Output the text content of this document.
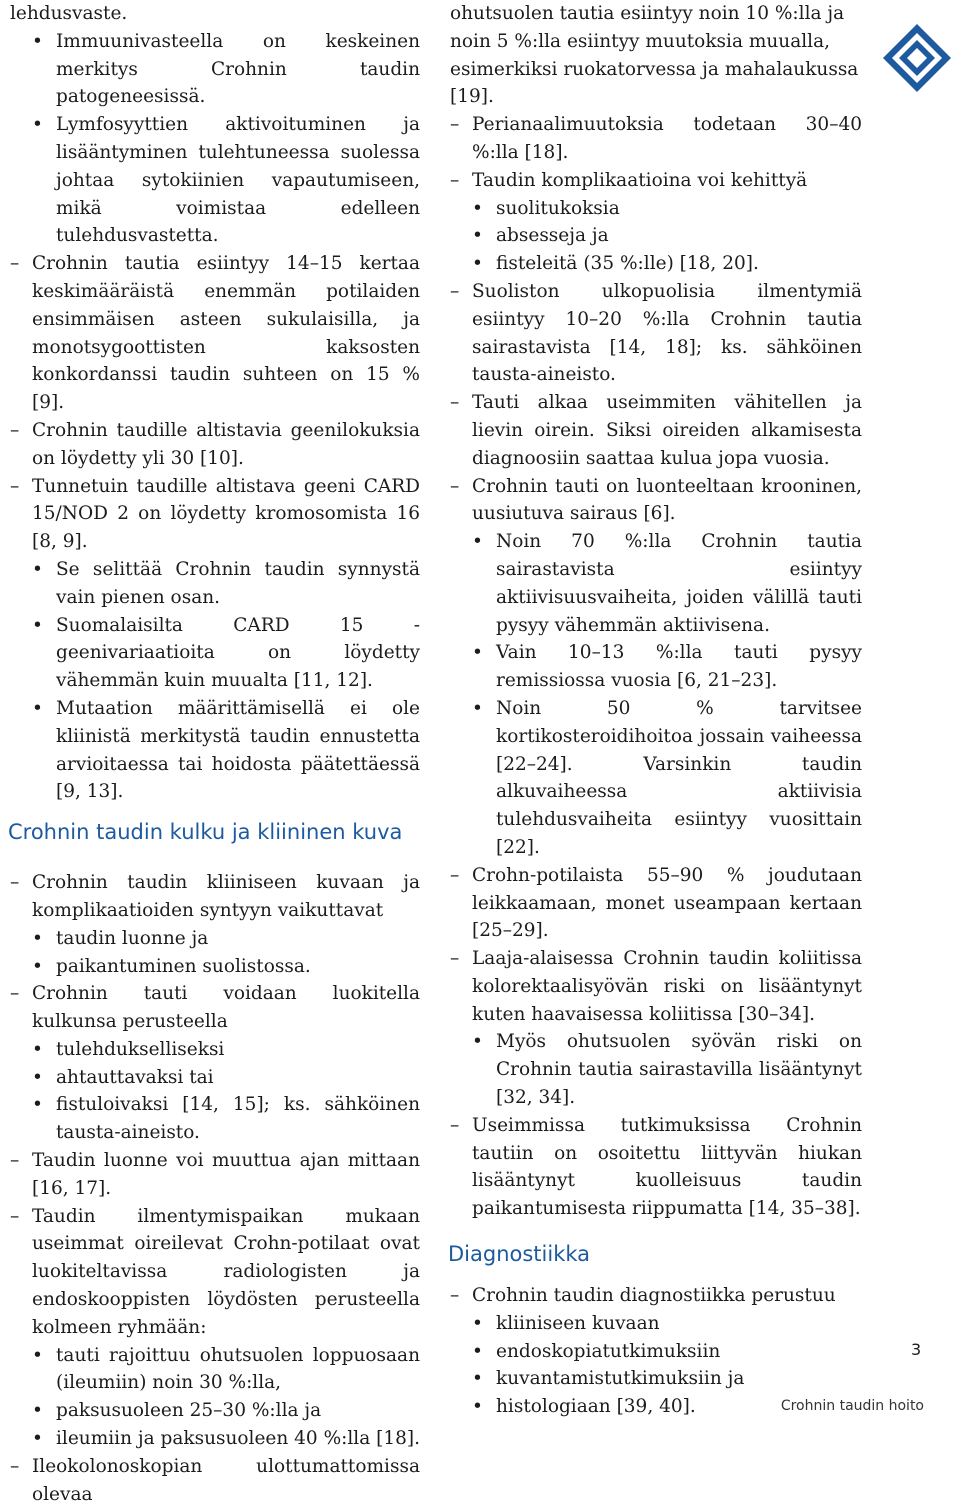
lehdusvaste.
• Immuunivasteella on keskeinen merkitys Crohnin taudin patogeneesissä.
• Lymfosyyttien aktivoituminen ja lisääntyminen tulehtuneessa suolessa johtaa sytokiinien vapautumiseen, mikä voimistaa edelleen tulehdusvastetta.
– Crohnin tautia esiintyy 14–15 kertaa keskimääräistä enemmän potilaiden ensimmäisen asteen sukulaisilla, ja monotsygoottisten kaksosten konkordanssi taudin suhteen on 15 % [9].
– Crohnin taudille altistavia geenilokuksia on löydetty yli 30 [10].
– Tunnetuin taudille altistava geeni CARD 15/NOD 2 on löydetty kromosomista 16 [8, 9].
• Se selittää Crohnin taudin synnystä vain pienen osan.
• Suomalaisilta CARD 15 -geenivariaatioita on löydetty vähemmän kuin muualta [11, 12].
• Mutaation määrittämisellä ei ole kliinistä merkitystä taudin ennustetta arvioitaessa tai hoidosta päätettäessä [9, 13].
Crohnin taudin kulku ja kliininen kuva
– Crohnin taudin kliiniseen kuvaan ja komplikaatioiden syntyyn vaikuttavat
• taudin luonne ja
• paikantuminen suolistossa.
– Crohnin tauti voidaan luokitella kulkunsa perusteella
• tulehdukselliseksi
• ahtauttavaksi tai
• fistuloivaksi [14, 15]; ks. sähköinen tausta-aineisto.
– Taudin luonne voi muuttua ajan mittaan [16, 17].
– Taudin ilmentymispaikan mukaan useimmat oireilevat Crohn-potilaat ovat luokiteltavissa radiologisten ja endoskooppisten löydösten perusteella kolmeen ryhmään:
• tauti rajoittuu ohutsuolen loppuosaan (ileumiin) noin 30 %:lla,
• paksusuoleen 25–30 %:lla ja
• ileumiin ja paksusuoleen 40 %:lla [18].
– Ileokolonoskopian ulottumattomissa olevaa
ohutsuolen tautia esiintyy noin 10 %:lla ja noin 5 %:lla esiintyy muutoksia muualla, esimerkiksi ruokatorvessa ja mahalaukussa [19].
– Perianaalimuutoksia todetaan 30–40 %:lla [18].
– Taudin komplikaatioina voi kehittyä
• suolitukoksia
• absesseja ja
• fisteleitä (35 %:lle) [18, 20].
– Suoliston ulkopuolisia ilmentymiä esiintyy 10–20 %:lla Crohnin tautia sairastavista [14, 18]; ks. sähköinen tausta-aineisto.
– Tauti alkaa useimmiten vähitellen ja lievin oirein. Siksi oireiden alkamisesta diagnoosiin saattaa kulua jopa vuosia.
– Crohnin tauti on luonteeltaan krooninen, uusiutuva sairaus [6].
• Noin 70 %:lla Crohnin tautia sairastavista esiintyy aktiivisuusvaiheita, joiden välillä tauti pysyy vähemmän aktiivisena.
• Vain 10–13 %:lla tauti pysyy remissiossa vuosia [6, 21–23].
• Noin 50 % tarvitsee kortikosteroidihoitoa jossain vaiheessa [22–24]. Varsinkin taudin alkuvaiheessa aktiivisia tulehdusvaiheita esiintyy vuosittain [22].
– Crohn-potilaista 55–90 % joudutaan leikkaamaan, monet useampaan kertaan [25–29].
– Laaja-alaisessa Crohnin taudin koliitissa kolorektaalisyövän riski on lisääntynyt kuten haavaisessa koliitissa [30–34].
• Myös ohutsuolen syövän riski on Crohnin tautia sairastavilla lisääntynyt [32, 34].
– Useimmissa tutkimuksissa Crohnin tautiin on osoitettu liittyvän hiukan lisääntynyt kuolleisuus taudin paikantumisesta riippumatta [14, 35–38].
Diagnostiikka
– Crohnin taudin diagnostiikka perustuu
• kliiniseen kuvaan
• endoskopiatutkimuksiin
• kuvantamistutkimuksiin ja
• histologiaan [39, 40].
3
Crohnin taudin hoito
